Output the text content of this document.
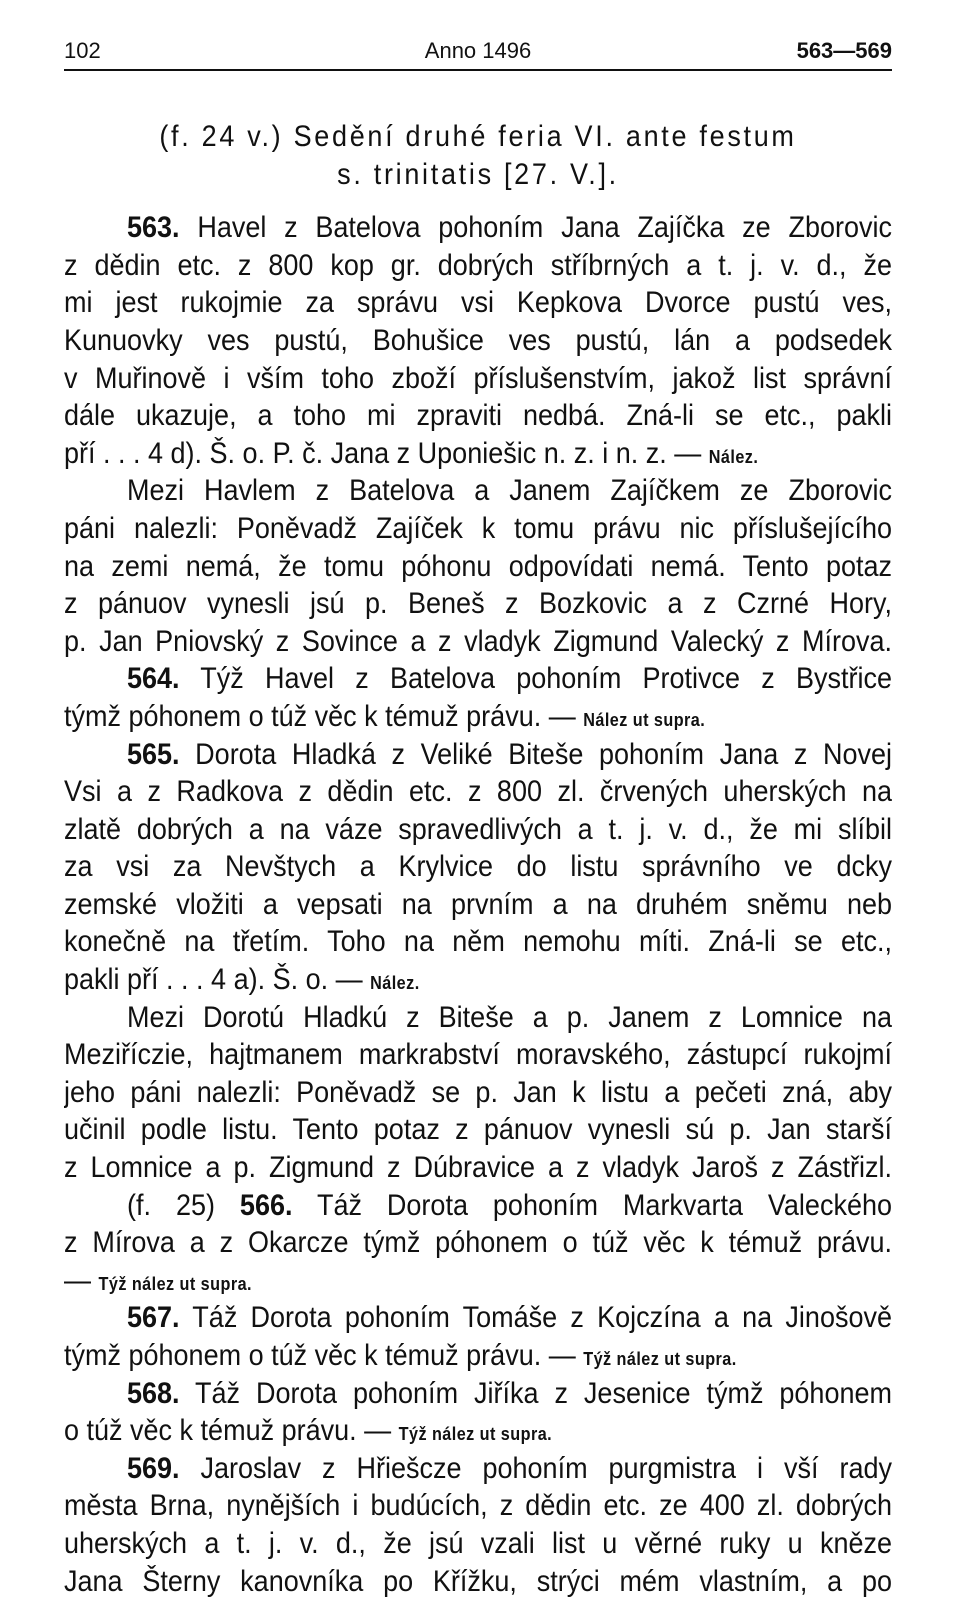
102	Anno 1496	563—569
(f. 24 v.) Sedění druhé feria VI. ante festum
s. trinitatis [27. V.].
563. Havel z Batelova pohoním Jana Zajíčka ze Zborovic
z dědin etc. z 800 kop gr. dobrých stříbrných a t. j. v. d., že
mi jest rukojmie za správu vsi Kepkova Dvorce pustú ves,
Kunuovky ves pustú, Bohušice ves pustú, lán a podsedek
v Muřinově i vším toho zboží příslušenstvím, jakož list správní
dále ukazuje, a toho mi zpraviti nedbá. Zná-li se etc., pakli
pří . . . 4 d). Š. o. P. č. Jana z Uponiešic n. z. i n. z. — Nález.
Mezi Havlem z Batelova a Janem Zajíčkem ze Zborovic
páni nalezli: Poněvadž Zajíček k tomu právu nic příslušejícího
na zemi nemá, že tomu póhonu odpovídati nemá. Tento potaz
z pánuov vynesli jsú p. Beneš z Bozkovic a z Czrné Hory,
p. Jan Pniovský z Sovince a z vladyk Zigmund Valecký z Mírova.
564. Týž Havel z Batelova pohoním Protivce z Bystřice
týmž póhonem o túž věc k témuž právu. — Nález ut supra.
565. Dorota Hladká z Veliké Biteše pohoním Jana z Novej
Vsi a z Radkova z dědin etc. z 800 zl. črvených uherských na
zlatě dobrých a na váze spravedlivých a t. j. v. d., že mi slíbil
za vsi za Nevštych a Krylvice do listu správního ve dcky
zemské vložiti a vepsati na prvním a na druhém sněmu neb
konečně na třetím. Toho na něm nemohu míti. Zná-li se etc.,
pakli pří . . . 4 a). Š. o. — Nález.
Mezi Dorotú Hladkú z Biteše a p. Janem z Lomnice na
Meziříczie, hajtmanem markrabství moravského, zástupcí rukojmí
jeho páni nalezli: Poněvadž se p. Jan k listu a pečeti zná, aby
učinil podle listu. Tento potaz z pánuov vynesli sú p. Jan starší
z Lomnice a p. Zigmund z Dúbravice a z vladyk Jaroš z Zástřizl.
(f. 25) 566. Táž Dorota pohoním Markvarta Valeckého
z Mírova a z Okarcze týmž póhonem o túž věc k témuž právu.
— Týž nález ut supra.
567. Táž Dorota pohoním Tomáše z Kojczína a na Jinošově
týmž póhonem o túž věc k témuž právu. — Týž nález ut supra.
568. Táž Dorota pohoním Jiříka z Jesenice týmž póhonem
o túž věc k témuž právu. — Týž nález ut supra.
569. Jaroslav z Hřiešcze pohoním purgmistra i vší rady
města Brna, nynějších i budúcích, z dědin etc. ze 400 zl. dobrých
uherských a t. j. v. d., že jsú vzali list u věrné ruky u kněze
Jana Šterny kanovníka po Křížku, strýci mém vlastním, a po
